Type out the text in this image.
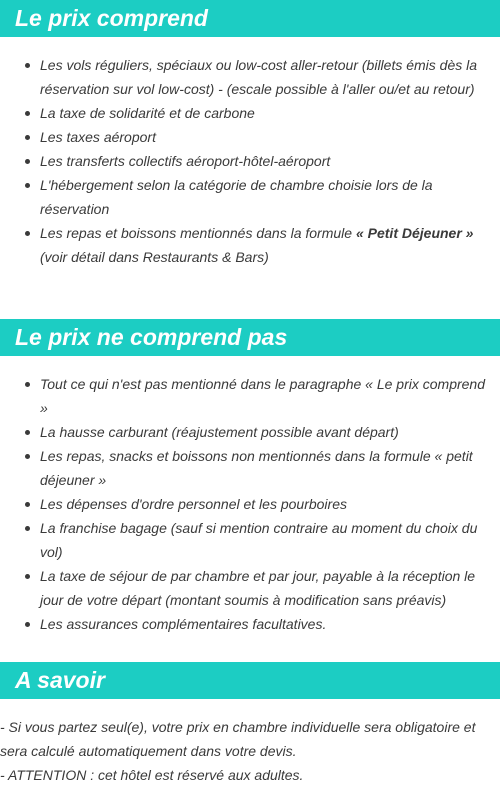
Le prix comprend
Les vols réguliers, spéciaux ou low-cost aller-retour (billets émis dès la réservation sur vol low-cost) - (escale possible à l'aller ou/et au retour)
La taxe de solidarité et de carbone
Les taxes aéroport
Les transferts collectifs aéroport-hôtel-aéroport
L'hébergement selon la catégorie de chambre choisie lors de la réservation
Les repas et boissons mentionnés dans la formule « Petit Déjeuner » (voir détail dans Restaurants & Bars)
Le prix ne comprend pas
Tout ce qui n'est pas mentionné dans le paragraphe « Le prix comprend »
La hausse carburant (réajustement possible avant départ)
Les repas, snacks et boissons non mentionnés dans la formule « petit déjeuner »
Les dépenses d'ordre personnel et les pourboires
La franchise bagage (sauf si mention contraire au moment du choix du vol)
La taxe de séjour de par chambre et par jour, payable à la réception le jour de votre départ (montant soumis à modification sans préavis)
Les assurances complémentaires facultatives.
A savoir

- Si vous partez seul(e), votre prix en chambre individuelle sera obligatoire et sera calculé automatiquement dans votre devis.

- ATTENTION : cet hôtel est réservé aux adultes.
